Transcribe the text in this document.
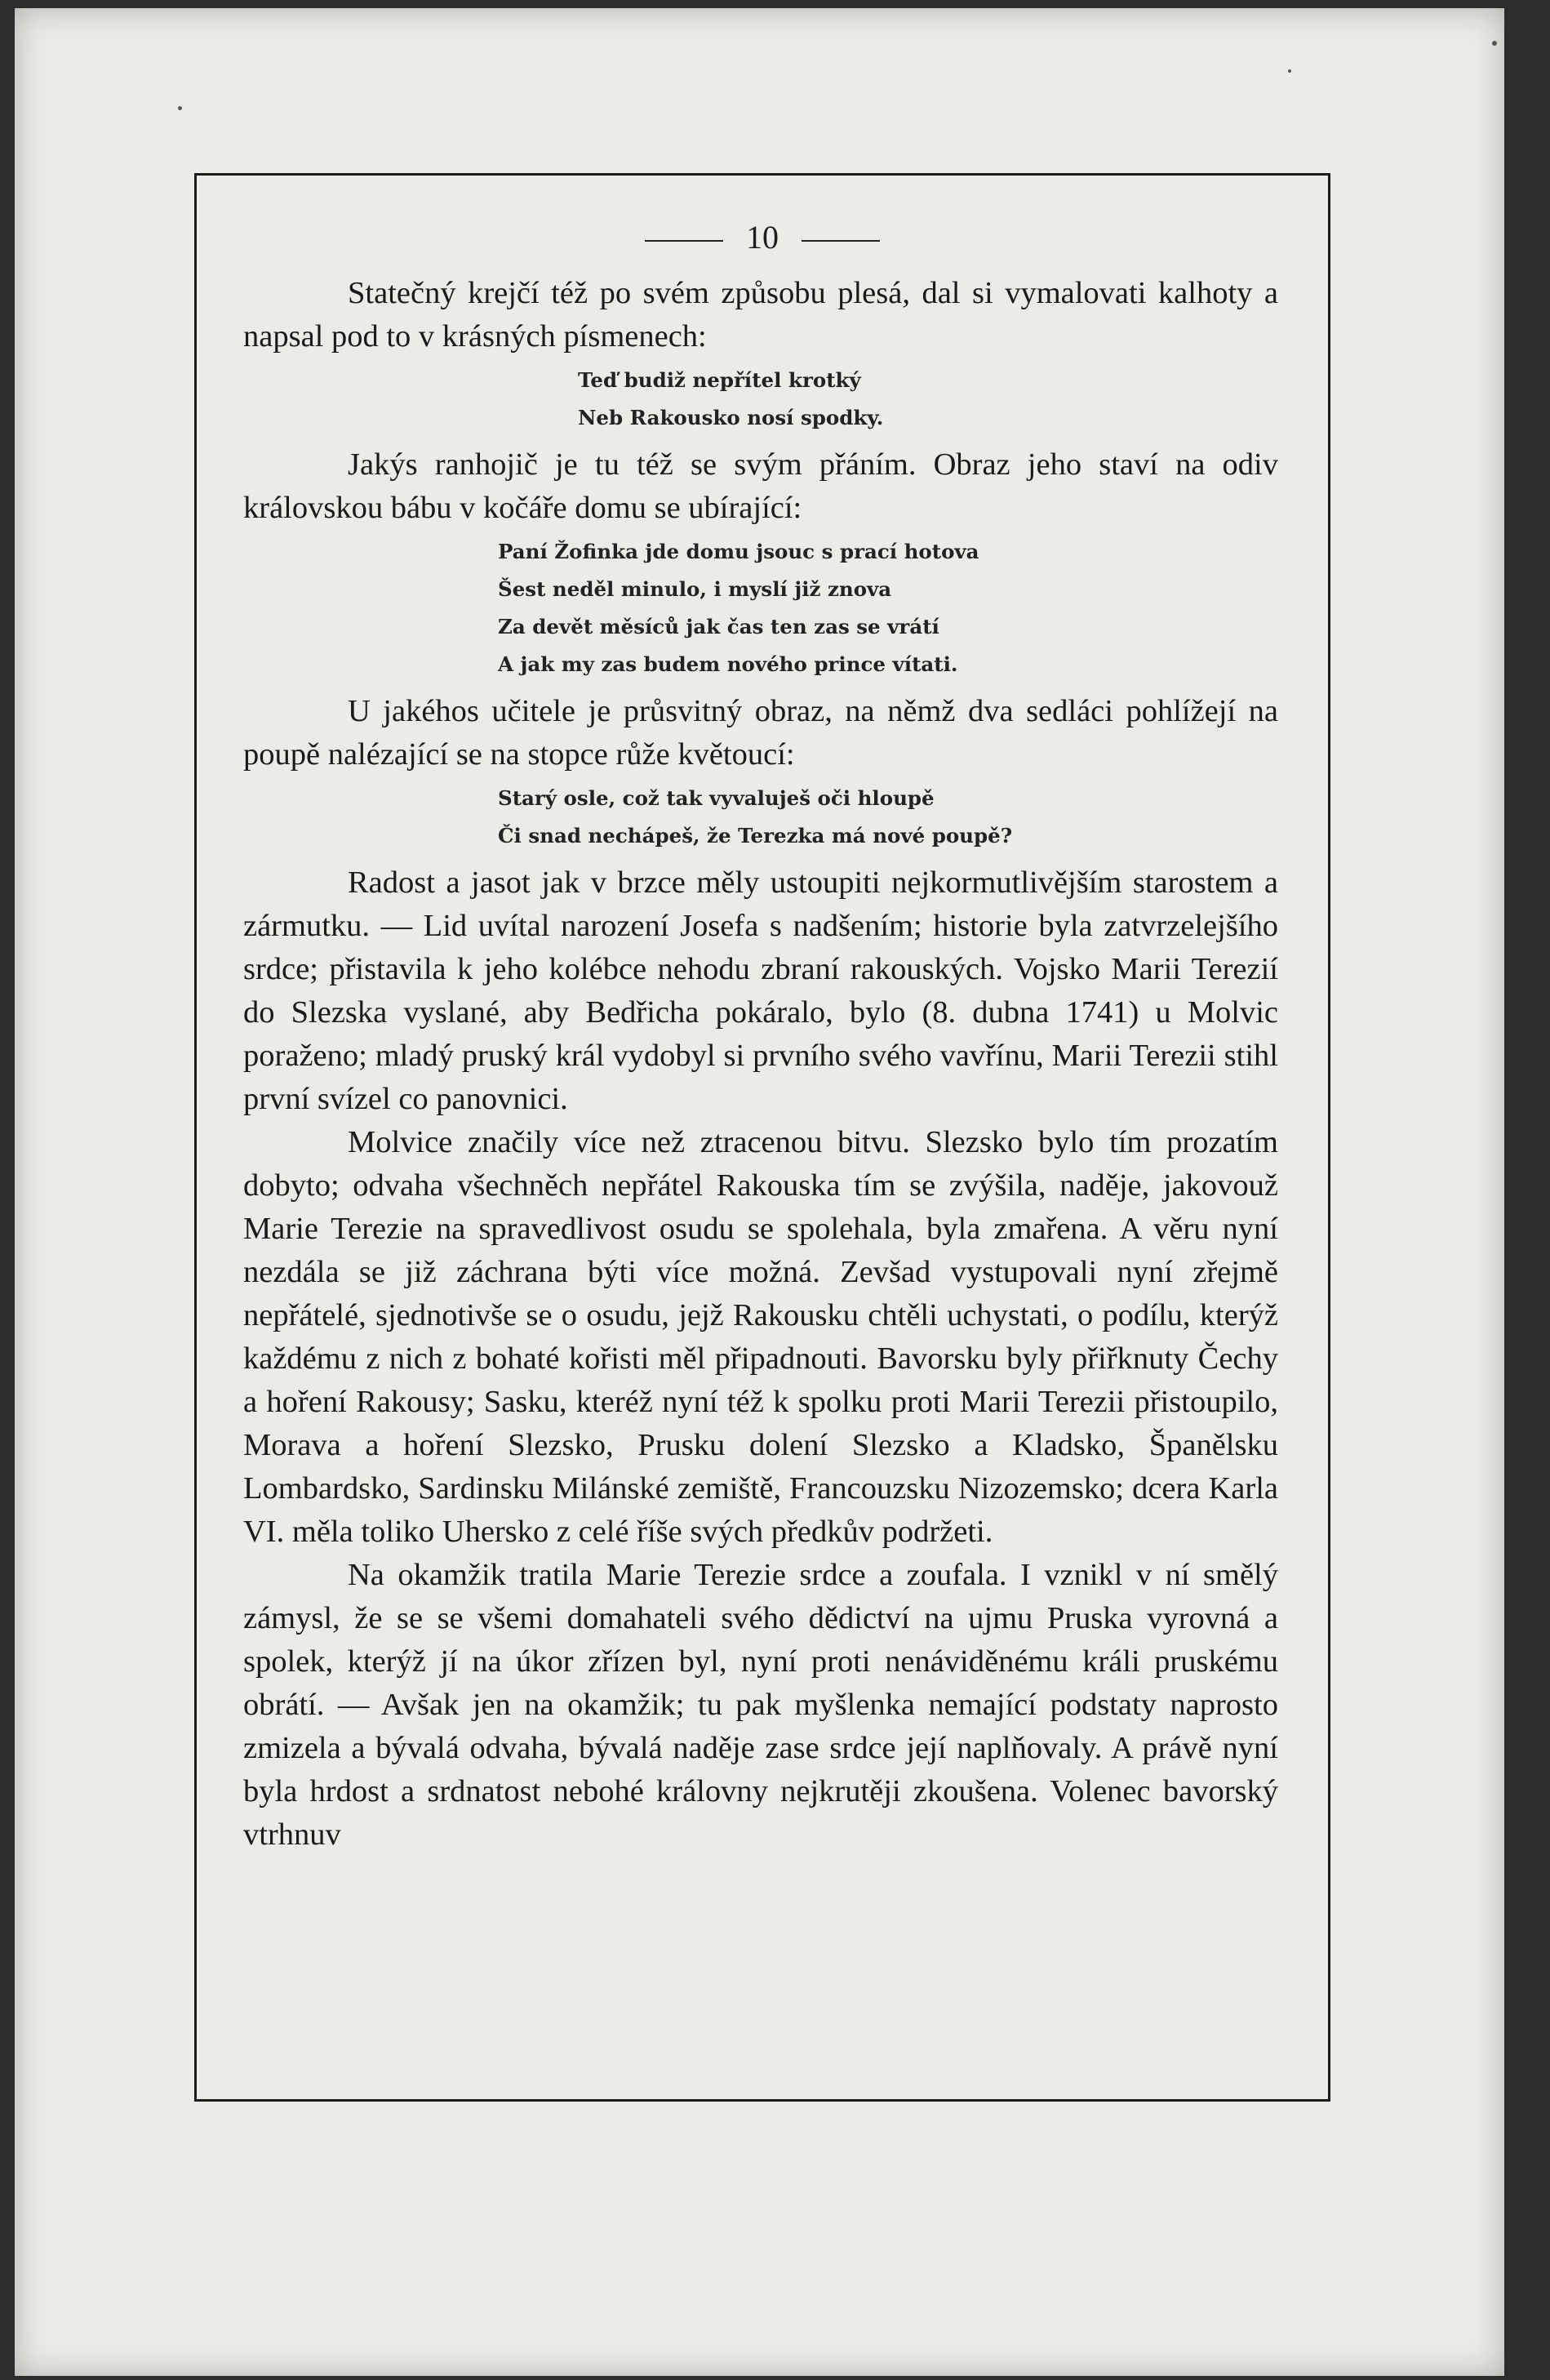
10

Statečný krejčí též po svém způsobu plesá, dal si vymalovati kalhoty a napsal pod to v krásných písmenech:

Teď budiž nepřítel krotký
Neb Rakousko nosí spodky.

Jakýs ranhojič je tu též se svým přáním. Obraz jeho staví na odiv královskou bábu v kočáře domu se ubírající:

Paní Žofinka jde domu jsouc s prací hotova
Šest neděl minulo, i myslí již znova
Za devět měsíců jak čas ten zas se vrátí
A jak my zas budem nového prince vítati.

U jakéhos učitele je průsvitný obraz, na němž dva sedláci pohlížejí na poupě nalézající se na stopce růže květoucí:

Starý osle, což tak vyvaluješ oči hloupě
Či snad nechápeš, že Terezka má nové poupě?

Radost a jasot jak v brzce měly ustoupiti nejkormutlivějším starostem a zármutku. — Lid uvítal narození Josefa s nadšením; historie byla zatvrzelejšího srdce; přistavila k jeho kolébce nehodu zbraní rakouských. Vojsko Marii Terezií do Slezska vyslané, aby Bedřicha pokáralo, bylo (8. dubna 1741) u Molvic poraženo; mladý pruský král vydobyl si prvního svého vavřínu, Marii Terezii stihl první svízel co panovnici.

Molvice značily více než ztracenou bitvu. Slezsko bylo tím prozatím dobyto; odvaha všechněch nepřátel Rakouska tím se zvýšila, naděje, jakovouž Marie Terezie na spravedlivost osudu se spolehala, byla zmařena. A věru nyní nezdála se již záchrana býti více možná. Zevšad vystupovali nyní zřejmě nepřátelé, sjednotivše se o osudu, jejž Rakousku chtěli uchystati, o podílu, kterýž každému z nich z bohaté kořisti měl připadnouti. Bavorsku byly přiřknuty Čechy a hoření Rakousy; Sasku, kteréž nyní též k spolku proti Marii Terezii přistoupilo, Morava a hoření Slezsko, Prusku dolení Slezsko a Kladsko, Španělsku Lombardsko, Sardinsku Milánské zemiště, Francouzsku Nizozemsko; dcera Karla VI. měla toliko Uhersko z celé říše svých předkův podržeti.

Na okamžik tratila Marie Terezie srdce a zoufala. I vznikl v ní smělý zámysl, že se se všemi domahateli svého dědictví na ujmu Pruska vyrovná a spolek, kterýž jí na úkor zřízen byl, nyní proti nenáviděnému králi pruskému obrátí. — Avšak jen na okamžik; tu pak myšlenka nemající podstaty naprosto zmizela a bývalá odvaha, bývalá naděje zase srdce její naplňovaly. A právě nyní byla hrdost a srdnatost nebohé královny nejkrutěji zkoušena. Volenec bavorský vtrhnuv
